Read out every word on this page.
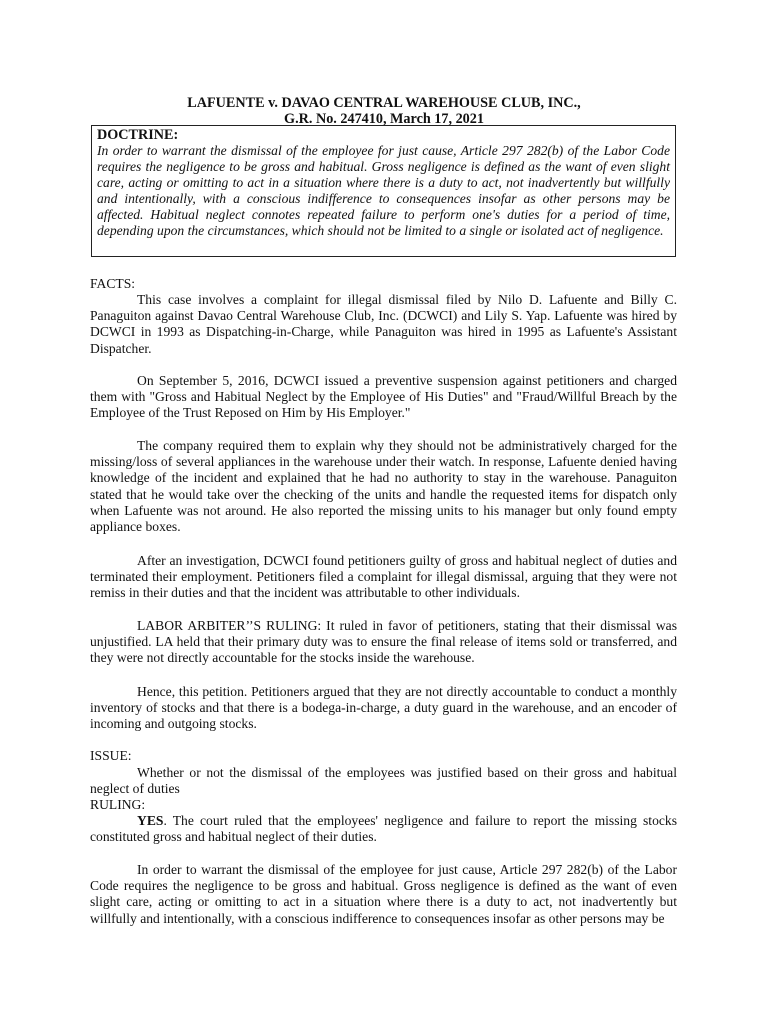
LAFUENTE v. DAVAO CENTRAL WAREHOUSE CLUB, INC.,
G.R. No. 247410, March 17, 2021
DOCTRINE:
In order to warrant the dismissal of the employee for just cause, Article 297 282(b) of the Labor Code requires the negligence to be gross and habitual. Gross negligence is defined as the want of even slight care, acting or omitting to act in a situation where there is a duty to act, not inadvertently but willfully and intentionally, with a conscious indifference to consequences insofar as other persons may be affected. Habitual neglect connotes repeated failure to perform one's duties for a period of time, depending upon the circumstances, which should not be limited to a single or isolated act of negligence.
FACTS:
This case involves a complaint for illegal dismissal filed by Nilo D. Lafuente and Billy C. Panaguiton against Davao Central Warehouse Club, Inc. (DCWCI) and Lily S. Yap. Lafuente was hired by DCWCI in 1993 as Dispatching-in-Charge, while Panaguiton was hired in 1995 as Lafuente's Assistant Dispatcher.
On September 5, 2016, DCWCI issued a preventive suspension against petitioners and charged them with "Gross and Habitual Neglect by the Employee of His Duties" and "Fraud/Willful Breach by the Employee of the Trust Reposed on Him by His Employer."
The company required them to explain why they should not be administratively charged for the missing/loss of several appliances in the warehouse under their watch. In response, Lafuente denied having knowledge of the incident and explained that he had no authority to stay in the warehouse. Panaguiton stated that he would take over the checking of the units and handle the requested items for dispatch only when Lafuente was not around. He also reported the missing units to his manager but only found empty appliance boxes.
After an investigation, DCWCI found petitioners guilty of gross and habitual neglect of duties and terminated their employment. Petitioners filed a complaint for illegal dismissal, arguing that they were not remiss in their duties and that the incident was attributable to other individuals.
LABOR ARBITER’’S RULING: It ruled in favor of petitioners, stating that their dismissal was unjustified. LA held that their primary duty was to ensure the final release of items sold or transferred, and they were not directly accountable for the stocks inside the warehouse.
Hence, this petition. Petitioners argued that they are not directly accountable to conduct a monthly inventory of stocks and that there is a bodega-in-charge, a duty guard in the warehouse, and an encoder of incoming and outgoing stocks.
ISSUE:
Whether or not the dismissal of the employees was justified based on their gross and habitual neglect of duties
RULING:
YES. The court ruled that the employees' negligence and failure to report the missing stocks constituted gross and habitual neglect of their duties.
In order to warrant the dismissal of the employee for just cause, Article 297 282(b) of the Labor Code requires the negligence to be gross and habitual. Gross negligence is defined as the want of even slight care, acting or omitting to act in a situation where there is a duty to act, not inadvertently but willfully and intentionally, with a conscious indifference to consequences insofar as other persons may be
